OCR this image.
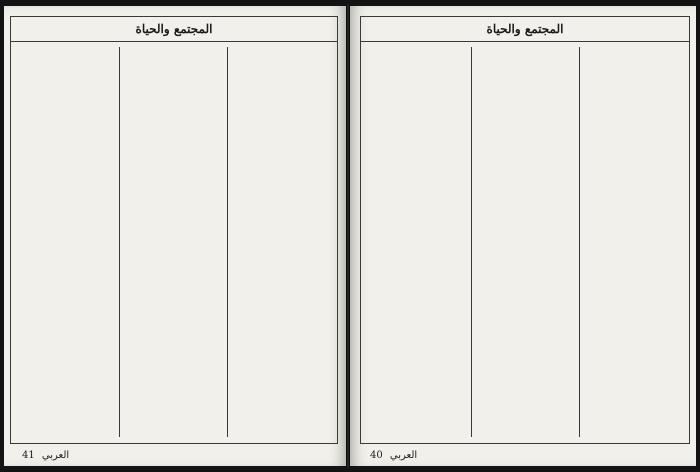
المجتمع والحياة
العربي 41
المجتمع والحياة
العربي 40
